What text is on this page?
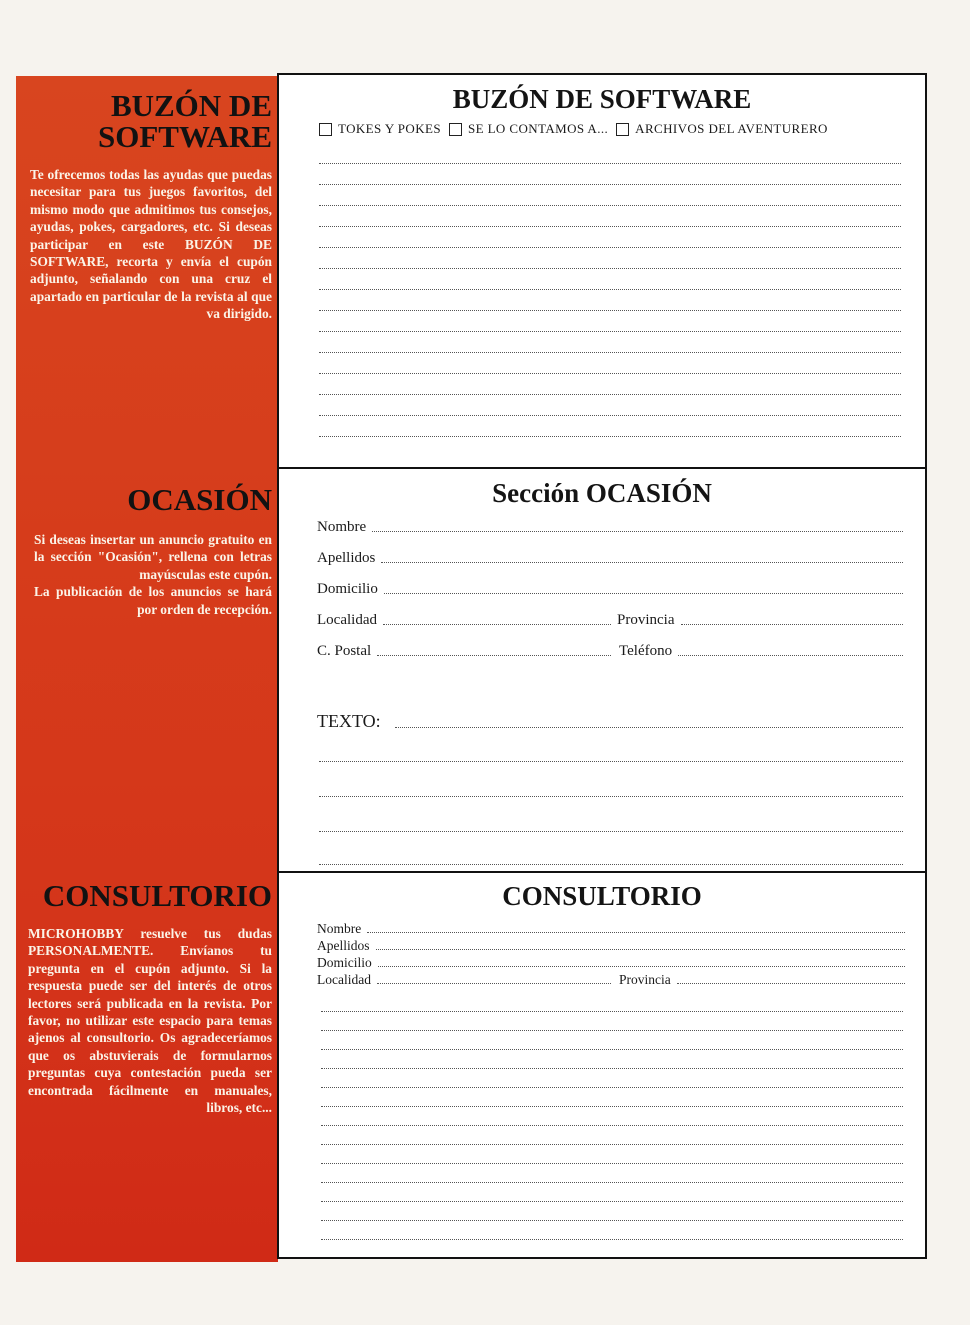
BUZÓN DE SOFTWARE

Te ofrecemos todas las ayudas que puedas necesitar para tus juegos favoritos, del mismo modo que admitimos tus consejos, ayudas, pokes, cargadores, etc. Si deseas participar en este BUZÓN DE SOFTWARE, recorta y envía el cupón adjunto, señalando con una cruz el apartado en particular de la revista al que va dirigido.

OCASIÓN

Si deseas insertar un anuncio gratuito en la sección "Ocasión", rellena con letras mayúsculas este cupón.

La publicación de los anuncios se hará por orden de recepción.

CONSULTORIO

MICROHOBBY resuelve tus dudas PERSONALMENTE. Envíanos tu pregunta en el cupón adjunto. Si la respuesta puede ser del interés de otros lectores será publicada en la revista. Por favor, no utilizar este espacio para temas ajenos al consultorio. Os agradeceríamos que os abstuvierais de formularnos preguntas cuya contestación pueda ser encontrada fácilmente en manuales, libros, etc...

BUZÓN DE SOFTWARE
TOKES Y POKES SE LO CONTAMOS A... ARCHIVOS DEL AVENTURERO
Sección OCASIÓN
Nombre
Apellidos
Domicilio
Localidad	Provincia
C. Postal	Teléfono
TEXTO:
CONSULTORIO
Nombre
Apellidos
Domicilio
Localidad	Provincia
